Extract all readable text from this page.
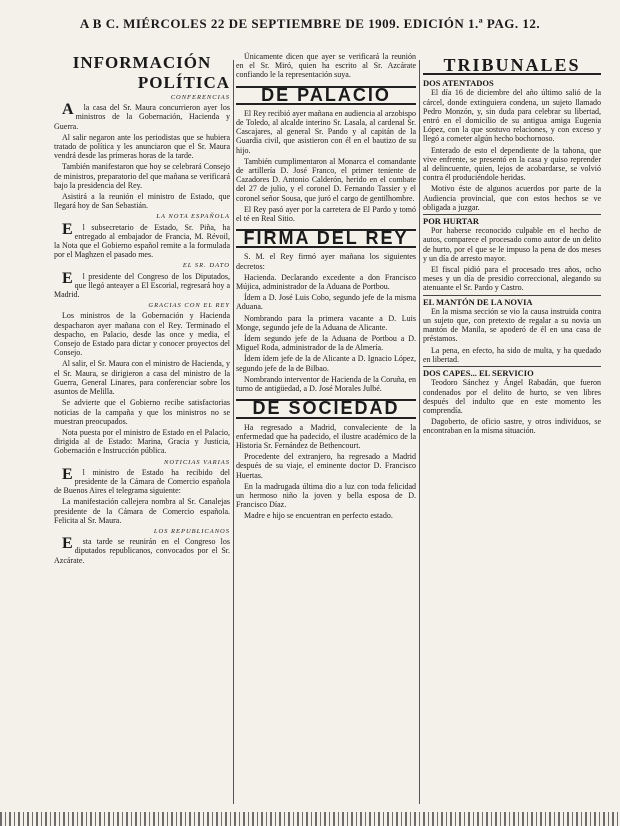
A B C. MIÉRCOLES 22 DE SEPTIEMBRE DE 1909. EDICIÓN 1.ª PAG. 12.
INFORMACIÓN
POLÍTICA
CONFERENCIAS

Ala casa del Sr. Maura concurrieron ayer los ministros de la Gobernación, Hacienda y Guerra.

Al salir negaron ante los periodistas que se hubiera tratado de política y les anunciaron que el Sr. Maura vendrá desde las primeras horas de la tarde.

También manifestaron que hoy se celebrará Consejo de ministros, preparatorio del que mañana se verificará bajo la presidencia del Rey.

Asistirá a la reunión el ministro de Estado, que llegará hoy de San Sebastián.

LA NOTA ESPAÑOLA

El subsecretario de Estado, Sr. Piña, ha entregado al embajador de Francia, M. Révoil, la Nota que el Gobierno español remite a la formulada por el Maghzen el pasado mes.

EL SR. DATO

El presidente del Congreso de los Diputados, que llegó anteayer a El Escorial, regresará hoy a Madrid.

GRACIAS CON EL REY

Los ministros de la Gobernación y Hacienda despacharon ayer mañana con el Rey. Terminado el despacho, en Palacio, desde las once y media, el Consejo de Estado para dictar y conocer proyectos del Consejo.

Al salir, el Sr. Maura con el ministro de Hacienda, y el Sr. Maura, se dirigieron a casa del ministro de la Guerra, General Linares, para conferenciar sobre los asuntos de Melilla.

Se advierte que el Gobierno recibe satisfactorias noticias de la campaña y que los ministros no se muestran preocupados.

Nota puesta por el ministro de Estado en el Palacio, dirigida al de Estado: Marina, Gracia y Justicia, Gobernación e Instrucción pública.

NOTICIAS VARIAS

El ministro de Estado ha recibido del presidente de la Cámara de Comercio española de Buenos Aires el telegrama siguiente:

La manifestación callejera nombra al Sr. Canalejas presidente de la Cámara de Comercio española. Felicita al Sr. Maura.

LOS REPUBLICANOS

Esta tarde se reunirán en el Congreso los diputados republicanos, convocados por el Sr. Azcárate.

Únicamente dicen que ayer se verificará la reunión en el Sr. Miró, quien ha escrito al Sr. Azcárate confiando le la representación suya.

DE PALACIO

El Rey recibió ayer mañana en audiencia al arzobispo de Toledo, al alcalde interino Sr. Lasala, al cardenal Sr. Cascajares, al general Sr. Pando y al capitán de la Guardia civil, que asistieron con él en el bautizo de su hijo.

También cumplimentaron al Monarca el comandante de artillería D. José Franco, el primer teniente de Cazadores D. Antonio Calderón, herido en el combate del 27 de julio, y el coronel D. Fernando Tassier y el coronel señor Sousa, que juró el cargo de gentilhombre.

El Rey pasó ayer por la carretera de El Pardo y tomó el té en Real Sitio.

FIRMA DEL REY

S. M. el Rey firmó ayer mañana los siguientes decretos:

Hacienda. Declarando excedente a don Francisco Mújica, administrador de la Aduana de Portbou.

Ídem a D. José Luis Cobo, segundo jefe de la misma Aduana.

Nombrando para la primera vacante a D. Luis Monge, segundo jefe de la Aduana de Alicante.

Ídem segundo jefe de la Aduana de Portbou a D. Miguel Roda, administrador de la de Almería.

Ídem ídem jefe de la de Alicante a D. Ignacio López, segundo jefe de la de Bilbao.

Nombrando interventor de Hacienda de la Coruña, en turno de antigüedad, a D. José Morales Julbé.

DE SOCIEDAD

Ha regresado a Madrid, convaleciente de la enfermedad que ha padecido, el ilustre académico de la Historia Sr. Fernández de Bethencourt.

Procedente del extranjero, ha regresado a Madrid después de su viaje, el eminente doctor D. Francisco Huertas.

En la madrugada última dio a luz con toda felicidad un hermoso niño la joven y bella esposa de D. Francisco Díaz.

Madre e hijo se encuentran en perfecto estado.

TRIBUNALES
DOS ATENTADOS

El día 16 de diciembre del año último salió de la cárcel, donde extinguiera condena, un sujeto llamado Pedro Monzón, y, sin duda para celebrar su libertad, entró en el domicilio de su antigua amiga Eugenia López, con la que sostuvo relaciones, y con exceso y llegó a cometer algún hecho bochornoso.

Enterado de esto el dependiente de la tahona, que vive enfrente, se presentó en la casa y quiso reprender al delincuente, quien, lejos de acobardarse, se volvió contra él produciéndole heridas.

Motivo éste de algunos acuerdos por parte de la Audiencia provincial, que con estos hechos se ve obligada a juzgar.

POR HURTAR

Por haberse reconocido culpable en el hecho de autos, comparece el procesado como autor de un delito de hurto, por el que se le impuso la pena de dos meses y un día de arresto mayor.

El fiscal pidió para el procesado tres años, ocho meses y un día de presidio correccional, alegando su atenuante el Sr. Pardo y Castro.

EL MANTÓN DE LA NOVIA

En la misma sección se vio la causa instruida contra un sujeto que, con pretexto de regalar a su novia un mantón de Manila, se apoderó de él en una casa de préstamos.

La pena, en efecto, ha sido de multa, y ha quedado en libertad.

DOS CAPES... EL SERVICIO

Teodoro Sánchez y Ángel Rabadán, que fueron condenados por el delito de hurto, se ven libres después del indulto que en este momento les comprendía.

Dagoberto, de oficio sastre, y otros individuos, se encontraban en la misma situación.
